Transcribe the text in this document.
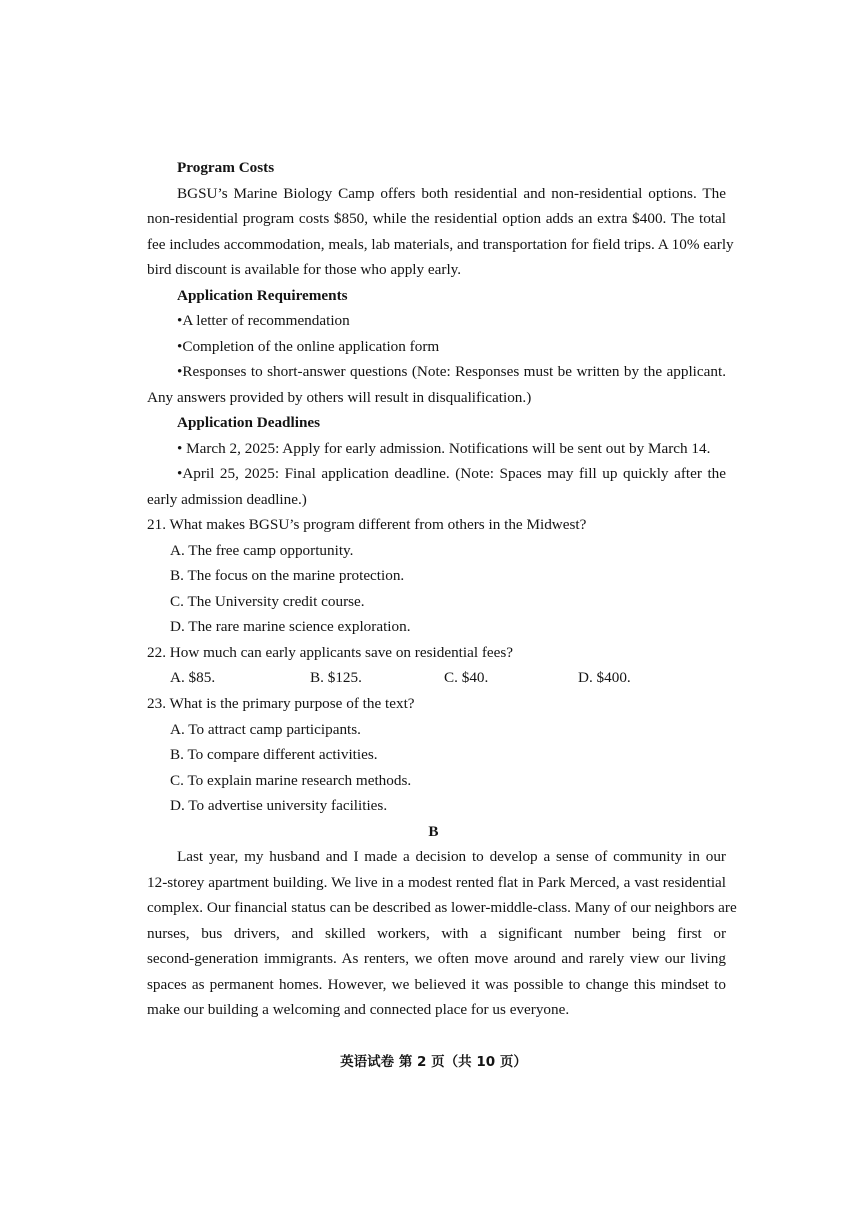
Program Costs
BGSU’s Marine Biology Camp offers both residential and non-residential options. The
non-residential program costs $850, while the residential option adds an extra $400. The total
fee includes accommodation, meals, lab materials, and transportation for field trips. A 10% early
bird discount is available for those who apply early.
Application Requirements
•A letter of recommendation
•Completion of the online application form
•Responses to short-answer questions (Note: Responses must be written by the applicant.
Any answers provided by others will result in disqualification.)
Application Deadlines
• March 2, 2025: Apply for early admission. Notifications will be sent out by March 14.
•April 25, 2025: Final application deadline. (Note: Spaces may fill up quickly after the
early admission deadline.)
21. What makes BGSU’s program different from others in the Midwest?
A. The free camp opportunity.
B. The focus on the marine protection.
C. The University credit course.
D. The rare marine science exploration.
22. How much can early applicants save on residential fees?
A. $85.	B. $125.	C. $40.	D. $400.
23. What is the primary purpose of the text?
A. To attract camp participants.
B. To compare different activities.
C. To explain marine research methods.
D. To advertise university facilities.
B
Last year, my husband and I made a decision to develop a sense of community in our
12-storey apartment building. We live in a modest rented flat in Park Merced, a vast residential
complex. Our financial status can be described as lower-middle-class. Many of our neighbors are
nurses, bus drivers, and skilled workers, with a significant number being first or
second-generation immigrants. As renters, we often move around and rarely view our living
spaces as permanent homes. However, we believed it was possible to change this mindset to
make our building a welcoming and connected place for us everyone.
英语试卷 第 2 页（共 10 页）
